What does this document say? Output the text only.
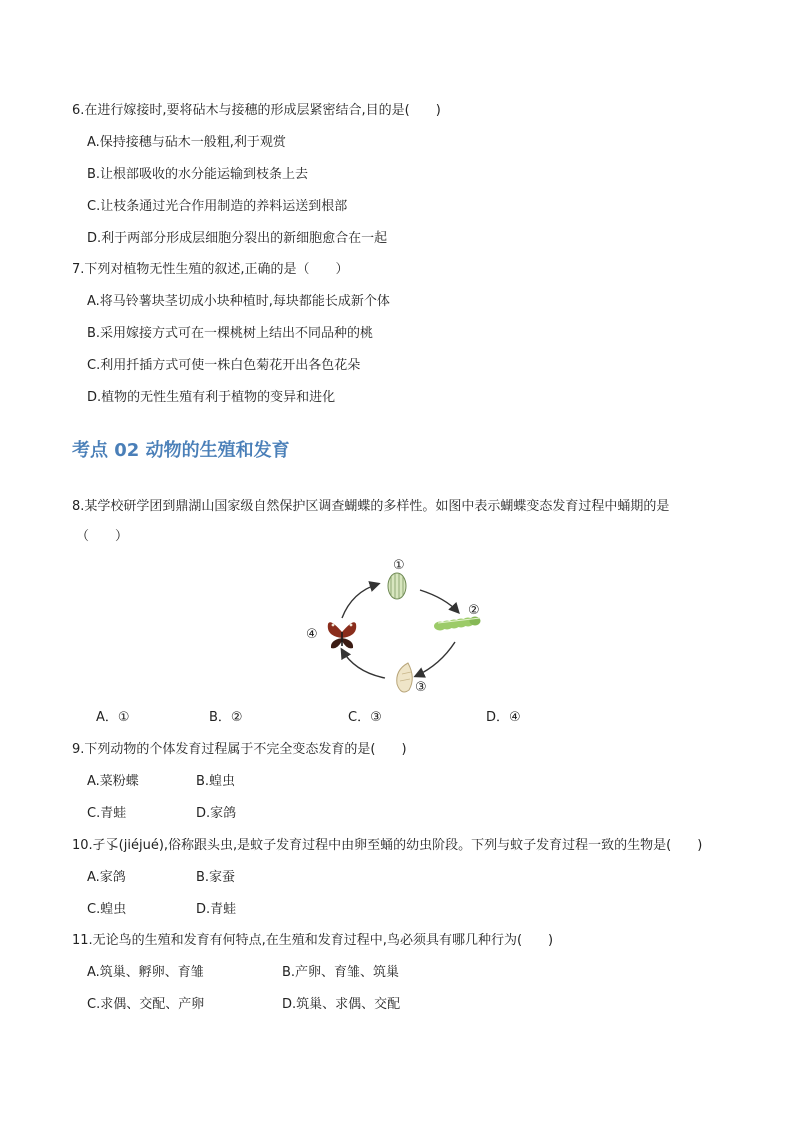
6.在进行嫁接时,要将砧木与接穗的形成层紧密结合,目的是(　　)
A.保持接穗与砧木一般粗,利于观赏
B.让根部吸收的水分能运输到枝条上去
C.让枝条通过光合作用制造的养料运送到根部
D.利于两部分形成层细胞分裂出的新细胞愈合在一起
7.下列对植物无性生殖的叙述,正确的是（　　）
A.将马铃薯块茎切成小块种植时,每块都能长成新个体
B.采用嫁接方式可在一棵桃树上结出不同品种的桃
C.利用扦插方式可使一株白色菊花开出各色花朵
D.植物的无性生殖有利于植物的变异和进化
考点 02 动物的生殖和发育
8.某学校研学团到鼎湖山国家级自然保护区调查蝴蝶的多样性。如图中表示蝴蝶变态发育过程中蛹期的是
（　　）
①
②
③
④
A．①	B．②	C．③	D．④
9.下列动物的个体发育过程属于不完全变态发育的是(　　)
A.菜粉蝶	B.蝗虫
C.青蛙	D.家鸽
10.孑孓(jiéjué),俗称跟头虫,是蚊子发育过程中由卵至蛹的幼虫阶段。下列与蚊子发育过程一致的生物是(　　)
A.家鸽	B.家蚕
C.蝗虫	D.青蛙
11.无论鸟的生殖和发育有何特点,在生殖和发育过程中,鸟必须具有哪几种行为(　　)
A.筑巢、孵卵、育雏	B.产卵、育雏、筑巢
C.求偶、交配、产卵	D.筑巢、求偶、交配
